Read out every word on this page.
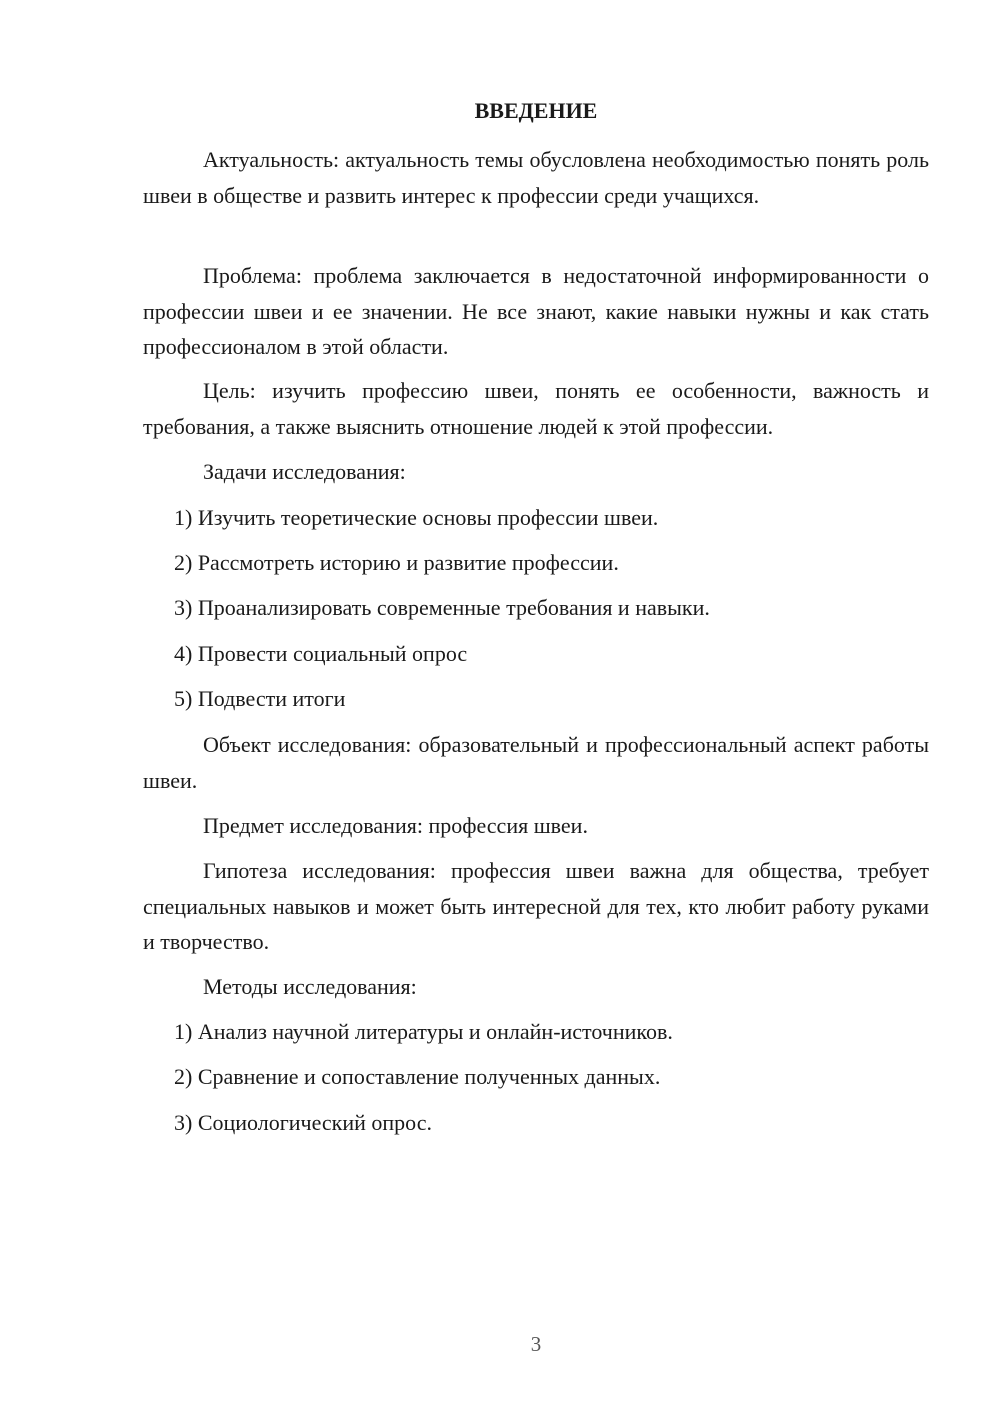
ВВЕДЕНИЕ

Актуальность: актуальность темы обусловлена необходимостью понять роль швеи в обществе и развить интерес к профессии среди учащихся.

Проблема: проблема заключается в недостаточной информированности о профессии швеи и ее значении. Не все знают, какие навыки нужны и как стать профессионалом в этой области.

Цель: изучить профессию швеи, понять ее особенности, важность и требования, а также выяснить отношение людей к этой профессии.

Задачи исследования:

1) Изучить теоретические основы профессии швеи.

2) Рассмотреть историю и развитие профессии.

3) Проанализировать современные требования и навыки.

4) Провести социальный опрос

5) Подвести итоги

Объект исследования: образовательный и профессиональный аспект работы швеи.

Предмет исследования: профессия швеи.

Гипотеза исследования: профессия швеи важна для общества, требует специальных навыков и может быть интересной для тех, кто любит работу руками и творчество.

Методы исследования:

1) Анализ научной литературы и онлайн-источников.

2) Сравнение и сопоставление полученных данных.

3) Социологический опрос.

3
